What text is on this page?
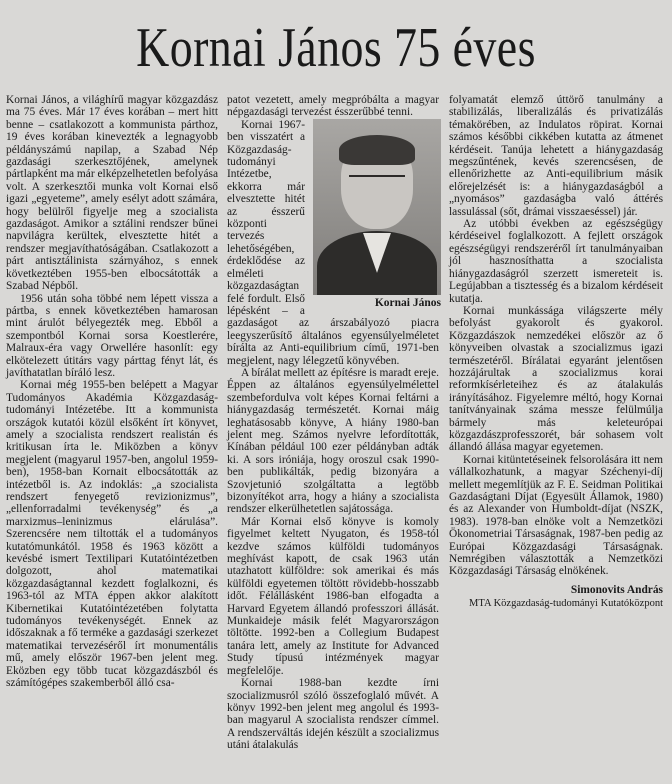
Kornai János 75 éves

Kornai János, a világhírű magyar közgazdász ma 75 éves. Már 17 éves korában – mert hitt benne – csatlakozott a kommunista párthoz, 19 éves korában kinevezték a legnagyobb példányszámú napilap, a Szabad Nép gazdasági szerkesztőjének, amelynek pártlapként ma már elképzelhetetlen befolyása volt. A szerkesztői munka volt Kornai első igazi „egyeteme”, amely esélyt adott számára, hogy belülről figyelje meg a szocialista gazdaságot. Amikor a sztálini rendszer bűnei napvilágra kerültek, elvesztette hitét a rendszer megjavíthatóságában. Csatlakozott a párt antisztálinista szárnyához, s ennek következtében 1955-ben elbocsátották a Szabad Népből.

1956 után soha többé nem lépett vissza a pártba, s ennek következtében hamarosan mint árulót bélyegezték meg. Ebből a szempontból Kornai sorsa Koestlerére, Malraux-éra vagy Orwellére hasonlít: egy elkötelezett útitárs vagy párttag fényt lát, és javíthatatlan bíráló lesz.

Kornai még 1955-ben belépett a Magyar Tudományos Akadémia Közgazdaság-tudományi Intézetébe. Itt a kommunista országok kutatói közül elsőként írt könyvet, amely a szocialista rendszert realistán és kritikusan írta le. Miközben a könyv megjelent (magyarul 1957-ben, angolul 1959-ben), 1958-ban Kornait elbocsátották az intézetből is. Az indoklás: „a szocialista rendszert fenyegető revizionizmus”, „ellenforradalmi tevékenység” és „a marxizmus–leninizmus elárulása”. Szerencsére nem tiltották el a tudományos kutatómunkától. 1958 és 1963 között a kevésbé ismert Textilipari Kutatóintézetben dolgozott, ahol matematikai közgazdaságtannal kezdett foglalkozni, és 1963-tól az MTA éppen akkor alakított Kibernetikai Kutatóintézetében folytatta tudományos tevékenységét. Ennek az időszaknak a fő terméke a gazdasági szerkezet matematikai tervezéséről írt monumentális mű, amely először 1967-ben jelent meg. Eközben egy több tucat közgazdászból és számítógépes szakemberből álló csa-

patot vezetett, amely megpróbálta a magyar népgazdasági tervezést ésszerűbbé tenni.

Kornai János

Kornai 1967-ben visszatért a Közgazdaság-tudományi Intézetbe, ekkorra már elvesztette hitét az ésszerű központi tervezés lehetőségében, érdeklődése az elméleti közgazdaságtan felé fordult. Első lépésként – a gazdaságot az árszabályozó piacra leegyszerűsítő általános egyensúlyelméletet bírálta az Anti-equilibrium című, 1971-ben megjelent, nagy lélegzetű könyvében.

A bírálat mellett az építésre is maradt ereje. Éppen az általános egyensúlyelmélettel szembefordulva volt képes Kornai feltárni a hiánygazdaság természetét. Kornai máig leghatásosabb könyve, A hiány 1980-ban jelent meg. Számos nyelvre lefordították, Kínában például 100 ezer példányban adták ki. A sors iróniája, hogy oroszul csak 1990-ben publikálták, pedig bizonyára a Szovjetunió szolgáltatta a legtöbb bizonyítékot arra, hogy a hiány a szocialista rendszer elkerülhetetlen sajátossága.

Már Kornai első könyve is komoly figyelmet keltett Nyugaton, és 1958-tól kezdve számos külföldi tudományos meghívást kapott, de csak 1963 után utazhatott külföldre: sok amerikai és más külföldi egyetemen töltött rövidebb-hosszabb időt. Félállásként 1986-ban elfogadta a Harvard Egyetem állandó professzori állását. Munkaideje másik felét Magyarországon töltötte. 1992-ben a Collegium Budapest tanára lett, amely az Institute for Advanced Study típusú intézmények magyar megfelelője.

Kornai 1988-ban kezdte írni szocializmusról szóló összefoglaló művét. A könyv 1992-ben jelent meg angolul és 1993-ban magyarul A szocialista rendszer címmel. A rendszerváltás idején készült a szocializmus utáni átalakulás

folyamatát elemző úttörő tanulmány a stabilizálás, liberalizálás és privatizálás témakörében, az Indulatos röpirat. Kornai számos későbbi cikkében kutatta az átmenet kérdéseit. Tanúja lehetett a hiánygazdaság megszűntének, kevés szerencsésen, de ellenőrizhette az Anti-equilibrium másik előrejelzését is: a hiánygazdaságból a „nyomásos” gazdaságba való áttérés lassulással (sőt, drámai visszaeséssel) jár.

Az utóbbi években az egészségügy kérdéseivel foglalkozott. A fejlett országok egészségügyi rendszeréről írt tanulmányaiban jól hasznosíthatta a szocialista hiánygazdaságról szerzett ismereteit is. Legújabban a tisztesség és a bizalom kérdéseit kutatja.

Kornai munkássága világszerte mély befolyást gyakorolt és gyakorol. Közgazdászok nemzedékei először az ő könyveiben olvastak a szocializmus igazi természetéről. Bírálatai egyaránt jelentősen hozzájárultak a szocializmus korai reformkísérleteihez és az átalakulás irányításához. Figyelemre méltó, hogy Kornai tanítványainak száma messze felülmúlja bármely más keleteurópai közgazdászprofesszorét, bár sohasem volt állandó állása magyar egyetemen.

Kornai kitüntetéseinek felsorolására itt nem vállalkozhatunk, a magyar Széchenyi-díj mellett megemlítjük az F. E. Seidman Politikai Gazdaságtani Díjat (Egyesült Államok, 1980) és az Alexander von Humboldt-díjat (NSZK, 1983). 1978-ban elnöke volt a Nemzetközi Ökonometriai Társaságnak, 1987-ben pedig az Európai Közgazdasági Társaságnak. Nemrégiben választották a Nemzetközi Közgazdasági Társaság elnökének.

Simonovits András
MTA Közgazdaság-tudományi Kutatóközpont
